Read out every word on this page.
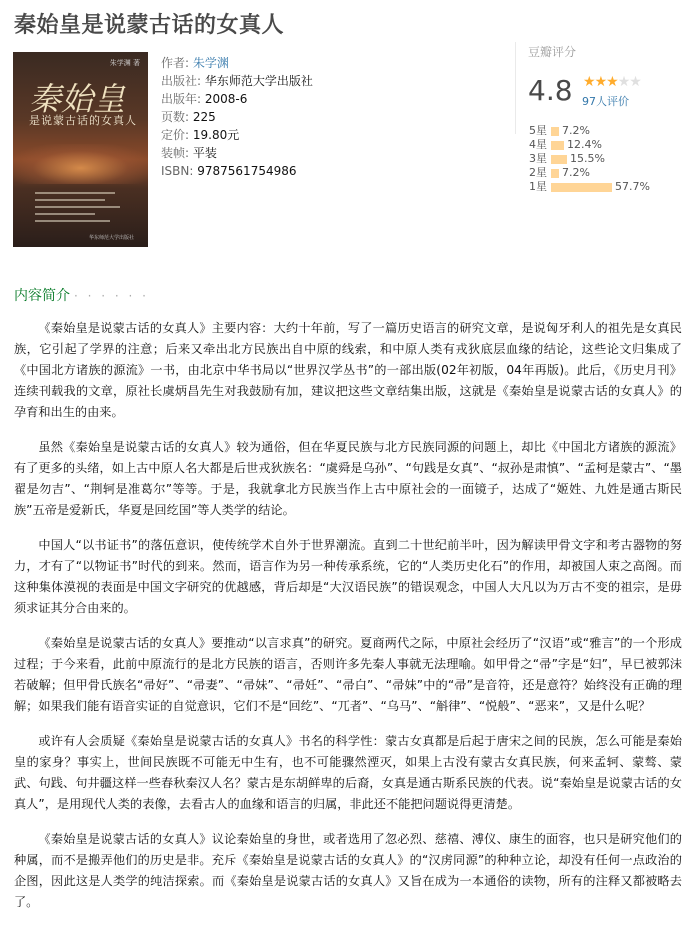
秦始皇是说蒙古话的女真人
朱学渊 著
秦始皇
是说蒙古话的女真人
华东师范大学出版社
作者: 朱学渊
出版社: 华东师范大学出版社
出版年: 2008-6
页数: 225
定价: 19.80元
装帧: 平装
ISBN: 9787561754986
豆瓣评分
4.8 ★★★★★
97人评价
5星 7.2%
4星 12.4%
3星 15.5%
2星 7.2%
1星	57.7%
内容简介 · · · · · ·

《秦始皇是说蒙古话的女真人》主要内容：大约十年前，写了一篇历史语言的研究文章，是说匈牙利人的祖先是女真民族，它引起了学界的注意；后来又牵出北方民族出自中原的线索，和中原人类有戎狄底层血缘的结论，这些论文归集成了《中国北方诸族的源流》一书，由北京中华书局以“世界汉学丛书”的一部出版(02年初版，04年再版)。此后，《历史月刊》连续刊载我的文章，原社长虞炳昌先生对我鼓励有加，建议把这些文章结集出版，这就是《秦始皇是说蒙古话的女真人》的孕育和出生的由来。

虽然《秦始皇是说蒙古话的女真人》较为通俗，但在华夏民族与北方民族同源的问题上，却比《中国北方诸族的源流》有了更多的头绪，如上古中原人名大都是后世戎狄族名：“虞舜是乌孙”、“句践是女真”、“叔孙是肃慎”、“孟柯是蒙古”、“墨翟是勿吉”、“荆轲是准葛尔”等等。于是，我就拿北方民族当作上古中原社会的一面镜子，达成了“姬姓、九姓是通古斯民族”五帝是爱新氏，华夏是回纥国”等人类学的结论。

中国人“以书证书”的落伍意识，使传统学术自外于世界潮流。直到二十世纪前半叶，因为解读甲骨文字和考古器物的努力，才有了“以物证书”时代的到来。然而，语言作为另一种传承系统，它的“人类历史化石”的作用，却被国人束之高阁。而这种集体漠视的表面是中国文字研究的优越感，背后却是“大汉语民族”的错误观念，中国人大凡以为万古不变的祖宗，是毋须求证其分合由来的。

《秦始皇是说蒙古话的女真人》要推动“以言求真”的研究。夏商两代之际，中原社会经历了“汉语”或“雅言”的一个形成过程；于今来看，此前中原流行的是北方民族的语言，否则许多先秦人事就无法理喻。如甲骨之“帚”字是“妇”，早已被郭沫若破解；但甲骨氏族名“帚好”、“帚妻”、“帚妹”、“帚妊”、“帚白”、“帚妹”中的“帚”是音符，还是意符？始终没有正确的理解；如果我们能有语音实证的自觉意识，它们不是“回纥”、“兀者”、“乌马”、“斛律”、“悦般”、“恶来”，又是什么呢？

或许有人会质疑《秦始皇是说蒙古话的女真人》书名的科学性：蒙古女真都是后起于唐宋之间的民族，怎么可能是秦始皇的家身？事实上，世间民族既不可能无中生有，也不可能骤然湮灭，如果上古没有蒙古女真民族，何来孟轲、蒙骜、蒙武、句践、句井疆这样一些春秋秦汉人名？蒙古是东胡鲜卑的后裔，女真是通古斯系民族的代表。说“秦始皇是说蒙古话的女真人”，是用现代人类的表像，去看古人的血缘和语言的归属，非此还不能把问题说得更清楚。

《秦始皇是说蒙古话的女真人》议论秦始皇的身世，或者选用了忽必烈、慈禧、溥仪、康生的面容，也只是研究他们的种属，而不是搬弄他们的历史是非。充斥《秦始皇是说蒙古话的女真人》的“汉虏同源”的种种立论，却没有任何一点政治的企图，因此这是人类学的纯洁探索。而《秦始皇是说蒙古话的女真人》又旨在成为一本通俗的读物，所有的注释又都被略去了。
